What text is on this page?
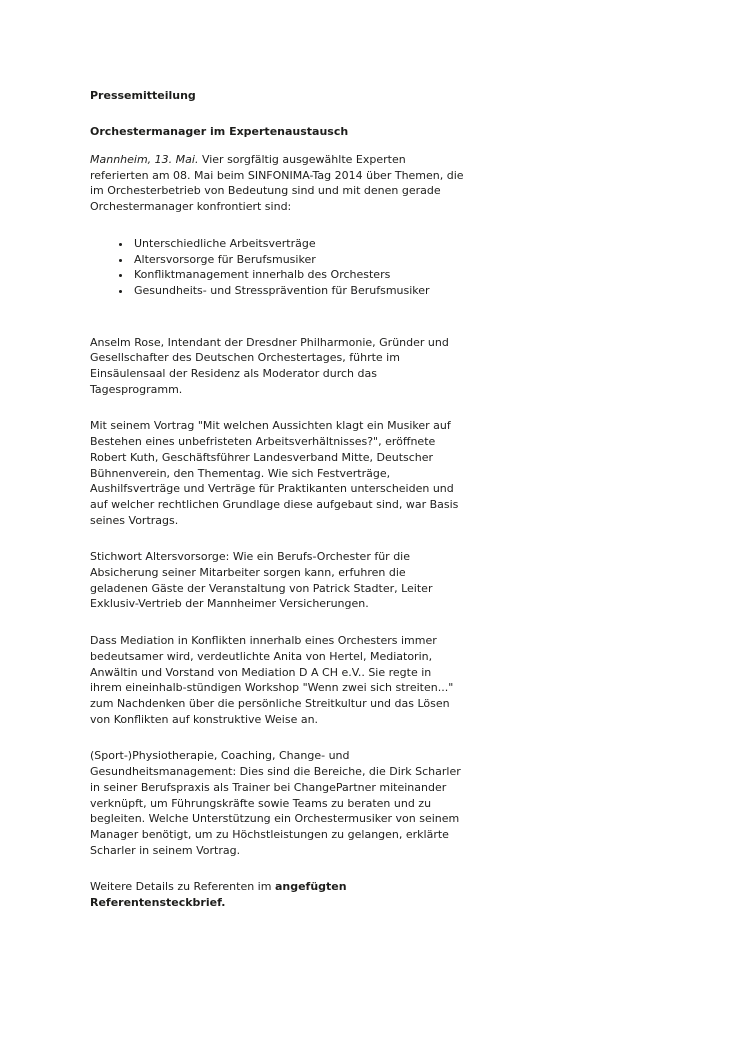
Pressemitteilung

Orchestermanager im Expertenaustausch

Mannheim, 13. Mai. Vier sorgfältig ausgewählte Experten referierten am 08. Mai beim SINFONIMA-Tag 2014 über Themen, die im Orchesterbetrieb von Bedeutung sind und mit denen gerade Orchestermanager konfrontiert sind:

• Unterschiedliche Arbeitsverträge
• Altersvorsorge für Berufsmusiker
• Konfliktmanagement innerhalb des Orchesters
• Gesundheits- und Stressprävention für Berufsmusiker

Anselm Rose, Intendant der Dresdner Philharmonie, Gründer und Gesellschafter des Deutschen Orchestertages, führte im Einsäulensaal der Residenz als Moderator durch das Tagesprogramm.

Mit seinem Vortrag "Mit welchen Aussichten klagt ein Musiker auf Bestehen eines unbefristeten Arbeitsverhältnisses?", eröffnete Robert Kuth, Geschäftsführer Landesverband Mitte, Deutscher Bühnenverein, den Thementag. Wie sich Festverträge, Aushilfsverträge und Verträge für Praktikanten unterscheiden und auf welcher rechtlichen Grundlage diese aufgebaut sind, war Basis seines Vortrags.

Stichwort Altersvorsorge: Wie ein Berufs-Orchester für die Absicherung seiner Mitarbeiter sorgen kann, erfuhren die geladenen Gäste der Veranstaltung von Patrick Stadter, Leiter Exklusiv-Vertrieb der Mannheimer Versicherungen.

Dass Mediation in Konflikten innerhalb eines Orchesters immer bedeutsamer wird, verdeutlichte Anita von Hertel, Mediatorin, Anwältin und Vorstand von Mediation D A CH e.V.. Sie regte in ihrem eineinhalb-stündigen Workshop "Wenn zwei sich streiten..." zum Nachdenken über die persönliche Streitkultur und das Lösen von Konflikten auf konstruktive Weise an.

(Sport-)Physiotherapie, Coaching, Change- und Gesundheitsmanagement: Dies sind die Bereiche, die Dirk Scharler in seiner Berufspraxis als Trainer bei ChangePartner miteinander verknüpft, um Führungskräfte sowie Teams zu beraten und zu begleiten. Welche Unterstützung ein Orchestermusiker von seinem Manager benötigt, um zu Höchstleistungen zu gelangen, erklärte Scharler in seinem Vortrag.

Weitere Details zu Referenten im angefügten Referentensteckbrief.
